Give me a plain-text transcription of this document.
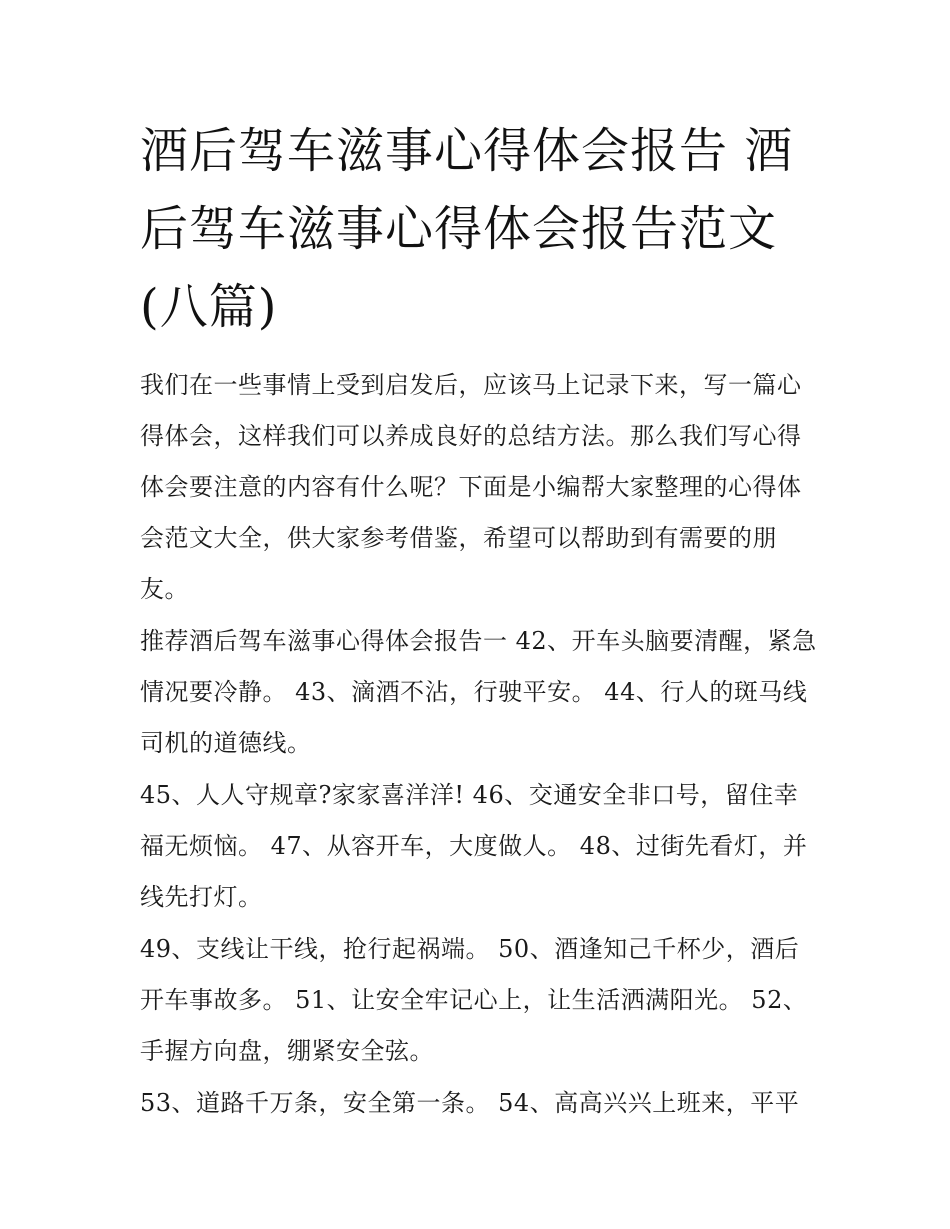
酒后驾车滋事心得体会报告 酒后驾车滋事心得体会报告范文(八篇)

我们在一些事情上受到启发后，应该马上记录下来，写一篇心得体会，这样我们可以养成良好的总结方法。那么我们写心得体会要注意的内容有什么呢？下面是小编帮大家整理的心得体会范文大全，供大家参考借鉴，希望可以帮助到有需要的朋友。

推荐酒后驾车滋事心得体会报告一 42、开车头脑要清醒，紧急情况要冷静。 43、滴酒不沾，行驶平安。 44、行人的斑马线司机的道德线。

45、人人守规章?家家喜洋洋! 46、交通安全非口号，留住幸福无烦恼。 47、从容开车，大度做人。 48、过街先看灯，并线先打灯。

49、支线让干线，抢行起祸端。 50、酒逢知己千杯少，酒后开车事故多。 51、让安全牢记心上，让生活洒满阳光。 52、手握方向盘，绷紧安全弦。

53、道路千万条，安全第一条。 54、高高兴兴上班来，平平
